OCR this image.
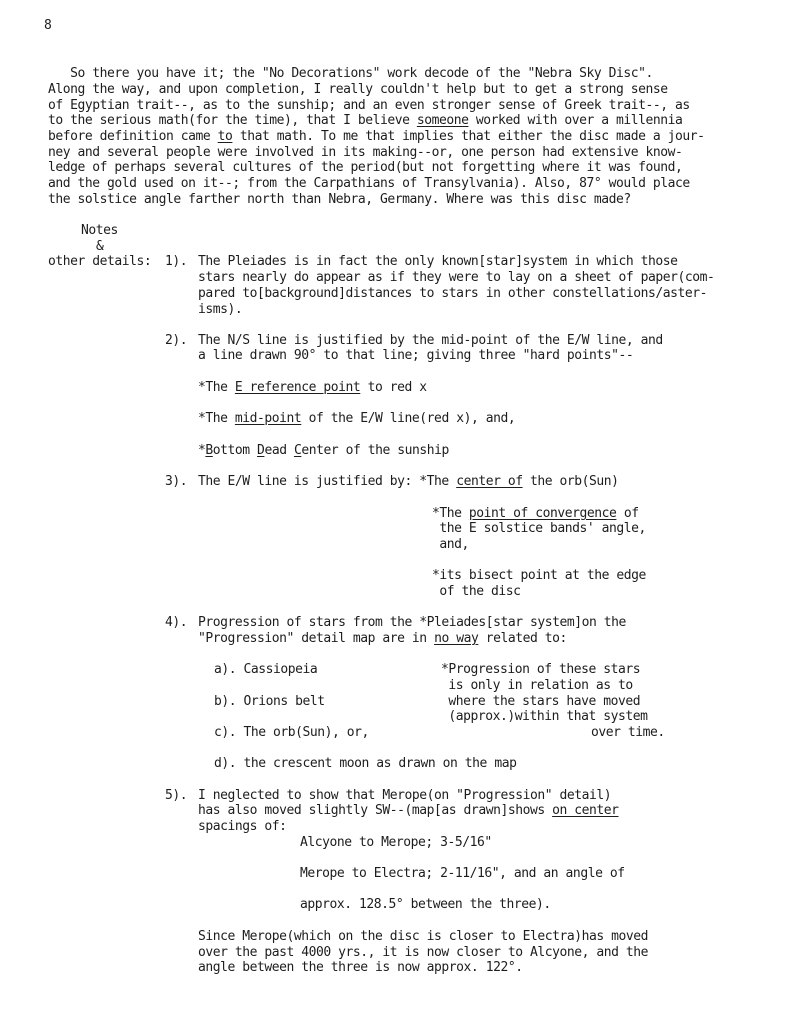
8
So there you have it; the "No Decorations" work decode of the "Nebra Sky Disc".
Along the way, and upon completion, I really couldn't help but to get a strong sense
of Egyptian trait--, as to the sunship; and an even stronger sense of Greek trait--, as
to the serious math(for the time), that I believe someone worked with over a millennia
before definition came to that math. To me that implies that either the disc made a jour-
ney and several people were involved in its making--or, one person had extensive know-
ledge of perhaps several cultures of the period(but not forgetting where it was found,
and the gold used on it--; from the Carpathians of Transylvania). Also, 87° would place
the solstice angle farther north than Nebra, Germany. Where was this disc made?
Notes
&
other details: 1). The Pleiades is in fact the only known[star]system in which those
stars nearly do appear as if they were to lay on a sheet of paper(com-
pared to[background]distances to stars in other constellations/aster-
isms).
2). The N/S line is justified by the mid-point of the E/W line, and
a line drawn 90° to that line; giving three "hard points"--
*The E reference point to red x
*The mid-point of the E/W line(red x), and,
*Bottom Dead Center of the sunship
3). The E/W line is justified by: *The center of the orb(Sun)
*The point of convergence of
the E solstice bands' angle,
and,
*its bisect point at the edge
of the disc
4). Progression of stars from the *Pleiades[star system]on the
"Progression" detail map are in no way related to:
a). Cassiopeia
b). Orions belt
c). The orb(Sun), or,
d). the crescent moon as drawn on the map
*Progression of these stars
is only in relation as to
where the stars have moved
(approx.)within that system
over time.
5). I neglected to show that Merope(on "Progression" detail)
has also moved slightly SW--(map[as drawn]shows on center
spacings of:
Alcyone to Merope; 3-5/16"
Merope to Electra; 2-11/16", and an angle of
approx. 128.5° between the three).
Since Merope(which on the disc is closer to Electra)has moved
over the past 4000 yrs., it is now closer to Alcyone, and the
angle between the three is now approx. 122°.
